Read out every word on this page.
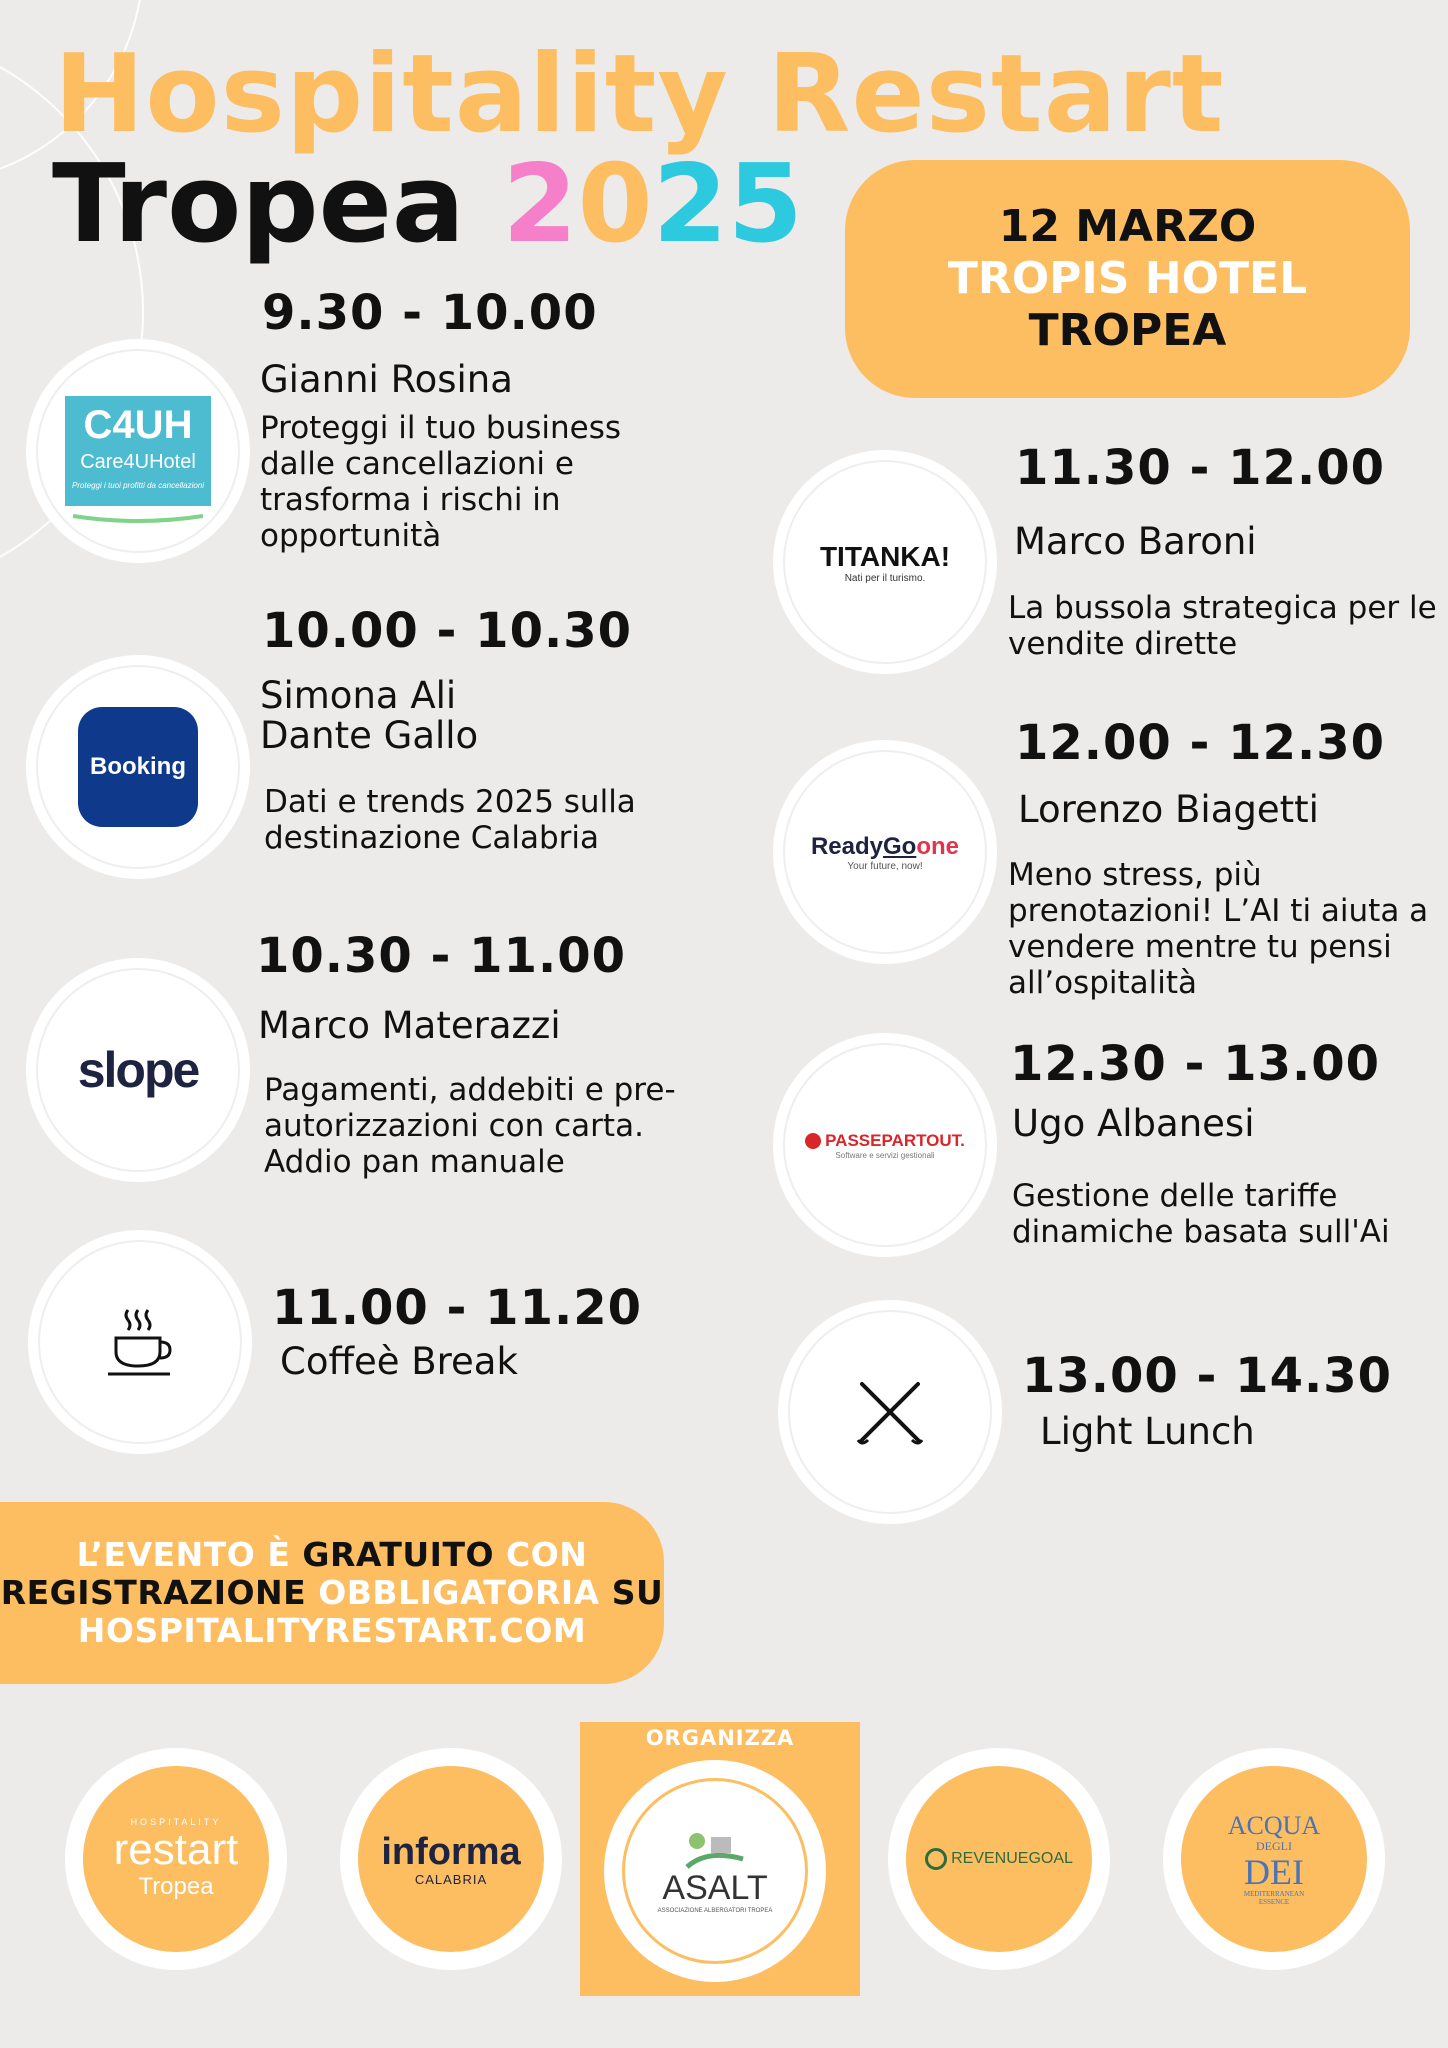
Hospitality Restart
Tropea 2025	12 MARZO
TROPIS HOTEL
TROPEA
C4UH
Care4UHotel
Proteggi i tuoi profitti da cancellazioni
9.30 - 10.00
Gianni Rosina
Proteggi il tuo business dalle cancellazioni e trasforma i rischi in opportunità
Booking
10.00 - 10.30
Simona Ali
Dante Gallo
Dati e trends 2025 sulla destinazione Calabria
slope
10.30 - 11.00
Marco Materazzi
Pagamenti, addebiti e pre-autorizzazioni con carta. Addio pan manuale
11.00 - 11.20
Coffeè Break
TITANKA!
Nati per il turismo.
11.30 - 12.00
Marco Baroni
La bussola strategica per le vendite dirette
ReadyGoone
Your future, now!
12.00 - 12.30
Lorenzo Biagetti
Meno stress, più prenotazioni! L’AI ti aiuta a vendere mentre tu pensi all’ospitalità
PASSEPARTOUT.
Software e servizi gestionali
12.30 - 13.00
Ugo Albanesi
Gestione delle tariffe dinamiche basata sull'Ai
13.00 - 14.30
Light Lunch
L’EVENTO È GRATUITO CON
REGISTRAZIONE OBBLIGATORIA SU
HOSPITALITYRESTART.COM
ORGANIZZA
HOSPITALITY
restart
Tropea
informa
CALABRIA	ASALT
ASSOCIAZIONE ALBERGATORI TROPEA
REVENUEGOAL
ACQUA
DEGLI
DEI
MEDITERRANEAN
ESSENCE
